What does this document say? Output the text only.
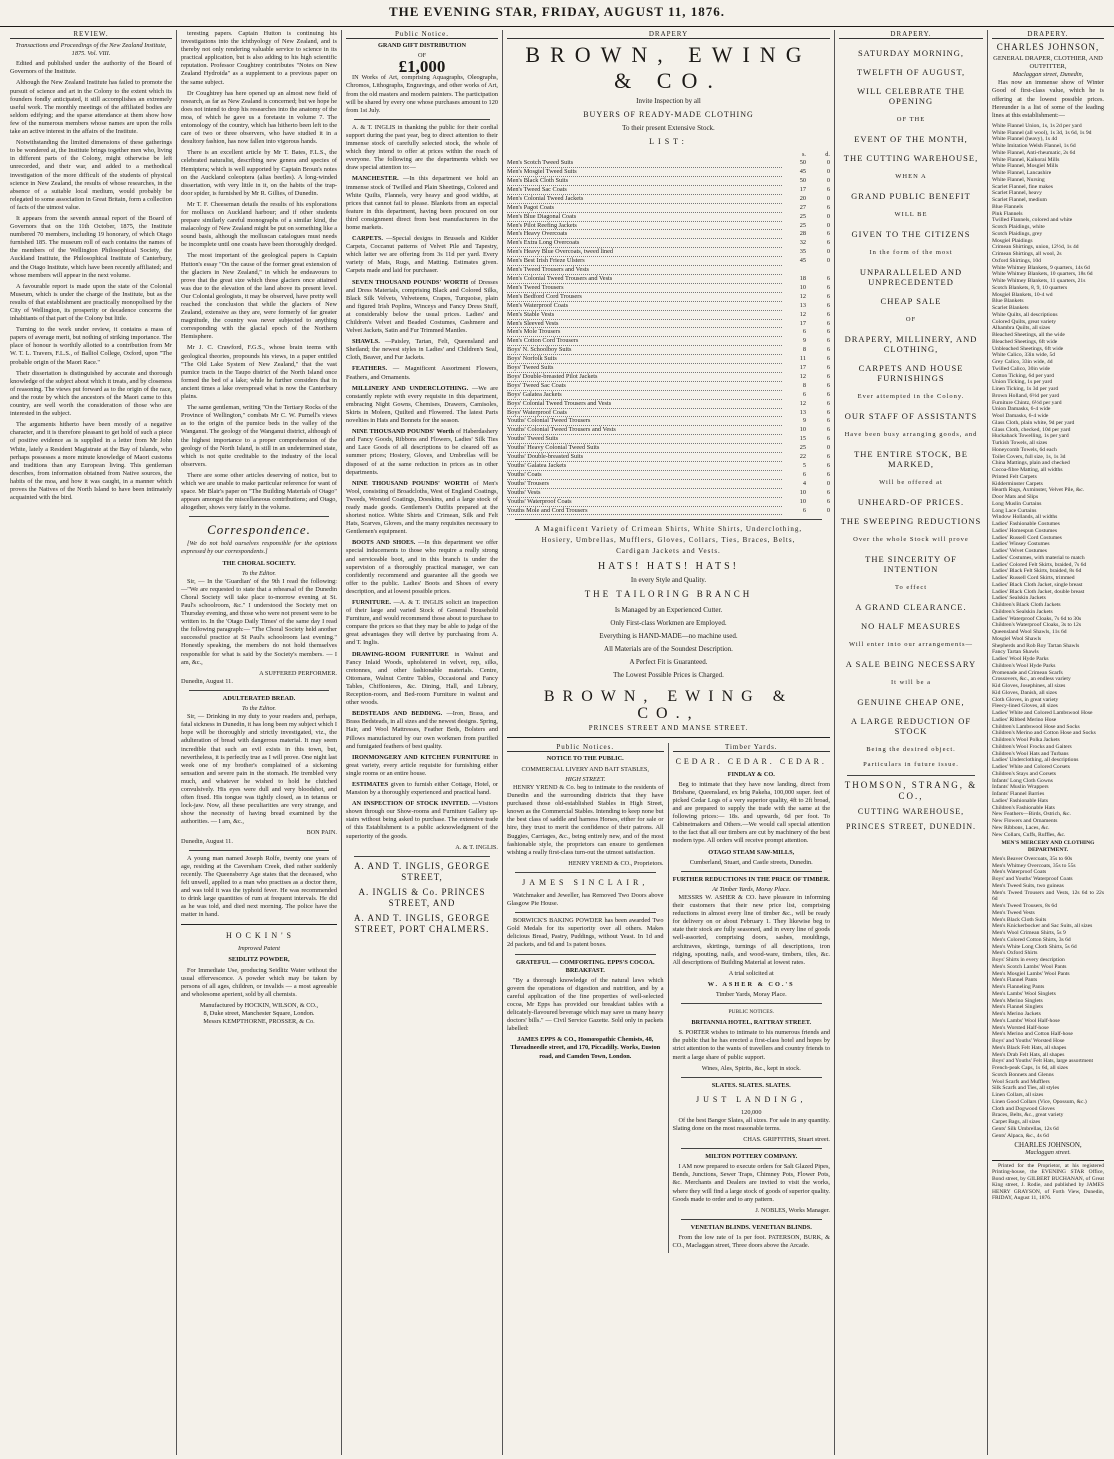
THE EVENING STAR, FRIDAY, AUGUST 11, 1876.
REVIEW.
Transactions and Proceedings of the New Zealand Institute, 1875. Vol. VIII.

Edited and published under the authority of the Board of Governors of the Institute.

Although the New Zealand Institute has failed to promote the pursuit of science and art in the Colony to the extent which its founders fondly anticipated, it still accomplishes an extremely useful work. The monthly meetings of the affiliated bodies are seldom edifying; and the sparse attendance at them show how few of the numerous members whose names are upon the rolls take an active interest in the affairs of the Institute.

Notwithstanding the limited dimensions of these gatherings to be wondered at, the Institute brings together men who, living in different parts of the Colony, might otherwise be left unrecorded, and their war, and added to a methodical investigation of the more difficult of the students of physical science in New Zealand, the results of whose researches, in the absence of a suitable local medium, would probably be relegated to some association in Great Britain, form a collection of facts of the utmost value.

It appears from the seventh annual report of the Board of Governors that on the 11th October, 1875, the Institute numbered 70 members, including 19 honorary, of which Otago furnished 185. The museum roll of each contains the names of the members of the Wellington Philosophical Society, the Auckland Institute, the Philosophical Institute of Canterbury, and the Otago Institute, which have been recently affiliated; and whose members will appear in the next volume.

A favourable report is made upon the state of the Colonial Museum, which is under the charge of the Institute, but as the results of that establishment are practically monopolised by the City of Wellington, its prosperity or decadence concerns the inhabitants of that part of the Colony but little.

Turning to the work under review, it contains a mass of papers of average merit, but nothing of striking importance. The place of honour is worthily allotted to a contribution from Mr W. T. L. Travers, F.L.S., of Balliol College, Oxford, upon "The probable origin of the Maori Race."

Their dissertation is distinguished by accurate and thorough knowledge of the subject about which it treats, and by closeness of reasoning. The views put forward as to the origin of the race, and the route by which the ancestors of the Maori came to this country, are well worth the consideration of those who are interested in the subject.

The arguments hitherto have been mostly of a negative character, and it is therefore pleasant to get hold of such a piece of positive evidence as is supplied in a letter from Mr John White, lately a Resident Magistrate at the Bay of Islands, who perhaps possesses a more minute knowledge of Maori customs and traditions than any European living. This gentleman describes, from information obtained from Native sources, the habits of the moa, and how it was caught, in a manner which proves the Natives of the North Island to have been intimately acquainted with the bird.

teresting papers. Captain Hutton is continuing his investigations into the ichthyology of New Zealand, and is thereby not only rendering valuable service to science in its practical application, but is also adding to his high scientific reputation. Professor Coughtrey contributes "Notes on New Zealand Hydroida" as a supplement to a previous paper on the same subject.

Dr Coughtrey has here opened up an almost new field of research, as far as New Zealand is concerned; but we hope he does not intend to drop his researches into the anatomy of the moa, of which he gave us a foretaste in volume 7. The entomology of the country, which has hitherto been left to the care of two or three observers, who have studied it in a desultory fashion, has now fallen into vigorous hands.

There is an excellent article by Mr T. Bates, F.L.S., the celebrated naturalist, describing new genera and species of Hemiptera; which is well supported by Captain Broun's notes on the Auckland coleoptera (alias beetles). A long-winded dissertation, with very little in it, on the habits of the trap-door spider, is furnished by Mr R. Gillies, of Dunedin.

Mr T. F. Cheeseman details the results of his explorations for molluscs on Auckland harbour; and if other students prepare similarly careful monographs of a similar kind, the malacology of New Zealand might be put on something like a sound basis, although the molluscan catalogues must needs be incomplete until one coasts have been thoroughly dredged.

The most important of the geological papers is Captain Hutton's essay "On the cause of the former great extension of the glaciers in New Zealand," in which he endeavours to prove that the great size which those glaciers once attained was due to the elevation of the land above its present level. Our Colonial geologists, it may be observed, have pretty well reached the conclusion that while the glaciers of New Zealand, extensive as they are, were formerly of far greater magnitude, the country was never subjected to anything corresponding with the glacial epoch of the Northern Hemisphere.

Mr J. C. Crawford, F.G.S., whose brain teems with geological theories, propounds his views, in a paper entitled "The Old Lake System of New Zealand," that the vast pumice tracts in the Taupo district of the North Island once formed the bed of a lake; while he further considers that in ancient times a lake overspread what is now the Canterbury plains.

The same gentleman, writing "On the Tertiary Rocks of the Province of Wellington," combats Mr C. W. Purnell's views as to the origin of the pumice beds in the valley of the Wanganui. The geology of the Wanganui district, although of the highest importance to a proper comprehension of the geology of the North Island, is still in an undetermined state, which is not quite creditable to the industry of the local observers.

There are some other articles deserving of notice, but to which we are unable to make particular reference for want of space. Mr Blair's paper on "The Building Materials of Otago" appears amongst the miscellaneous contributions; and Otago, altogether, shows very fairly in the volume.

Correspondence.

[We do not hold ourselves responsible for the opinions expressed by our correspondents.]

THE CHORAL SOCIETY.
To the Editor.

Sir, — In the 'Guardian' of the 9th I read the following:—"We are requested to state that a rehearsal of the Dunedin Choral Society will take place to-morrow evening at St. Paul's schoolroom, &c." I understood the Society met on Thursday evening, and those who were not present were to be written to. In the 'Otago Daily Times' of the same day I read the following paragraph:— "The Choral Society held another successful practice at St Paul's schoolroom last evening." Honestly speaking, the members do not hold themselves responsible for what is said by the Society's members. — I am, &c.,

A SUFFERED PERFORMER.
Dunedin, August 11.
ADULTERATED BREAD.
To the Editor.

Sir, — Drinking in my duty to your readers and, perhaps, fatal sickness in Dunedin, it has long been my subject which I hope will be thoroughly and strictly investigated, viz., the adulteration of bread with dangerous material. It may seem incredible that such an evil exists in this town, but, nevertheless, it is perfectly true as I will prove. One night last week one of my brother's complained of a sickening sensation and severe pain in the stomach. He trembled very much, and whatever he wished to hold he clutched convulsively. His eyes were dull and very bloodshot, and often fixed. His tongue was tightly closed, as in tetanus or lock-jaw. Now, all these peculiarities are very strange, and show the necessity of having bread examined by the authorities. — I am, &c.,

BON PAIN.
Dunedin, August 11.

A young man named Joseph Rolfe, twenty one years of age, residing at the Caversham Creek, died rather suddenly recently. The Queensberry Age states that the deceased, who felt unwell, applied to a man who practises as a doctor there, and was told it was the typhoid fever. He was recommended to drink large quantities of rum at frequent intervals. He did as he was told, and died next morning. The police have the matter in hand.

H O C K I N ' S
Improved Patent
SEIDLITZ POWDER,

For Immediate Use, producing Seidlitz Water without the usual effervescence. A powder which may be taken by persons of all ages, children, or invalids — a most agreeable and wholesome aperient, sold by all chemists.

Manufactured by HOCKIN, WILSON, & CO.,
8, Duke street, Manchester Square, London.
Messrs KEMPTHORNE, PROSSER, & Co.
Public Notice.
GRAND GIFT DISTRIBUTION
OF
£1,000

IN Works of Art, comprising Aquagraphs, Oleographs, Chromos, Lithographs, Engravings, and other works of Art, from the old masters and modern painters. The participation will be shared by every one whose purchases amount to 120 from 1st July.

A. & T. INGLIS in thanking the public for their cordial support during the past year, beg to direct attention to their immense stock of carefully selected stock, the whole of which they intend to offer at prices within the reach of everyone. The following are the departments which we draw special attention to:—

MANCHESTER. —In this department we hold an immense stock of Twilled and Plain Sheetings, Colored and White Quilts, Flannels, very heavy and good widths, at prices that cannot fail to please. Blankets from an especial feature in this department, having been procured on our third consignment direct from best manufacturers in the home markets.

CARPETS. —Special designs in Brussels and Kidder Carpets, Coccanut patterns of Velvet Pile and Tapestry, which latter we are offering from 3s 11d per yard. Every variety of Mats, Rugs, and Matting. Estimates given. Carpets made and laid for purchaser.

SEVEN THOUSAND POUNDS' WORTH of Dresses and Dress Materials, comprising Black and Colored Silks, Black Silk Velvets, Velveteens, Crapes, Turquoise, plain and figured Irish Poplins, Winceys and Fancy Dress Stuff, at considerably below the usual prices. Ladies' and Children's Velvet and Beaded Costumes, Cashmere and Velvet Jackets, Satin and Fur Trimmed Mantles.

SHAWLS. —Paisley, Tartan, Felt, Queensland and Shetland; the newest styles in Ladies' and Children's Seal, Cloth, Beaver, and Fur Jackets.

FEATHERS. — Magnificent Assortment Flowers, Feathers, and Ornaments.

MILLINERY AND UNDERCLOTHING. —We are constantly replete with every requisite in this department, embracing Night Gowns, Chemises, Drawers, Camisoles, Skirts in Moleen, Quilted and Flowered. The latest Paris novelties in Hats and Bonnets for the season.

NINE THOUSAND POUNDS' Worth of Haberdashery and Fancy Goods, Ribbons and Flowers, Ladies' Silk Ties and Lace Goods of all descriptions to be cleared off as summer prices; Hosiery, Gloves, and Umbrellas will be disposed of at the same reduction in prices as in other departments.

NINE THOUSAND POUNDS' WORTH of Men's Wool, consisting of Broadcloths, West of England Coatings, Tweeds, Worsted Coatings, Doeskins, and a large stock of ready made goods. Gentlemen's Outfits prepared at the shortest notice. White Shirts and Crimean, Silk and Felt Hats, Scarves, Gloves, and the many requisites necessary to Gentlemen's equipment.

BOOTS AND SHOES. —In this department we offer special inducements to those who require a really strong and serviceable boot, and in this branch is under the supervision of a thoroughly practical manager, we can confidently recommend and guarantee all the goods we offer to the public. Ladies' Boots and Shoes of every description, and at lowest possible prices.

FURNITURE. —A. & T. INGLIS solicit an inspection of their large and varied Stock of General Household Furniture, and would recommend those about to purchase to compare the prices so that they may be able to judge of the great advantages they will derive by purchasing from A. and T. Inglis.

DRAWING-ROOM FURNITURE in Walnut and Fancy Inlaid Woods, upholstered in velvet, rep, silks, cretonnes, and other fashionable materials. Centre, Ottomans, Walnut Centre Tables, Occasional and Fancy Tables, Chiffonieres, &c. Dining, Hall, and Library, Reception-room, and Bed-room Furniture in walnut and other woods.

BEDSTEADS AND BEDDING. —Iron, Brass, and Brass Bedsteads, in all sizes and the newest designs. Spring, Hair, and Wool Mattresses, Feather Beds, Bolsters and Pillows manufactured by our own workmen from purified and fumigated feathers of best quality.

IRONMONGERY AND KITCHEN FURNITURE in great variety, every article requisite for furnishing either single rooms or an entire house.

ESTIMATES given to furnish either Cottage, Hotel, or Mansion by a thoroughly experienced and practical hand.

AN INSPECTION OF STOCK INVITED. —Visitors shown through our Show-rooms and Furniture Gallery up-stairs without being asked to purchase. The extensive trade of this Establishment is a public acknowledgment of the superiority of the goods.

A. & T. INGLIS.
A. AND T. INGLIS, GEORGE STREET,
A. INGLIS & Co. PRINCES STREET, AND
A. AND T. INGLIS, GEORGE STREET, PORT CHALMERS.
DRAPERY
BROWN, EWING & CO.
Invite Inspection by all
BUYERS OF READY-MADE CLOTHING
To their present Extensive Stock.
LIST:
		s.	d.
Men's Scotch Tweed Suits		50	0
Men's Mosgiel Tweed Suits		45	0
Men's Black Cloth Suits		50	0
Men's Tweed Sac Coats		17	6
Men's Colonial Tweed Jackets		20	0
Men's Pagot Coats		27	6
Men's Blue Diagonal Coats		25	0
Men's Pilot Reefing Jackets		25	0
Men's Heavy Overcoats		28	6
Men's Extra Long Overcoats		32	6
Men's Heavy Blue Overcoats, tweed lined		35	0
Men's Best Irish Frieze Ulsters		45	0
Men's Tweed Trousers and Vests			
Men's Colonial Tweed Trousers and Vests		18	6
Men's Tweed Trousers		10	6
Men's Bedford Cord Trousers		12	6
Men's Waterproof Coats		13	6
Men's Stable Vests		12	6
Men's Sleeved Vests		17	6
Men's Mole Trousers		6	6
Men's Cotton Cord Trousers		9	6
Boys' N. Schoolboy Suits		8	6
Boys' Norfolk Suits		11	6
Boys' Tweed Suits		17	6
Boys' Double-breasted Pilot Jackets		12	6
Boys' Tweed Sac Coats		8	6
Boys' Galatea Jackets		6	6
Boys' Colonial Tweed Trousers and Vests		12	6
Boys' Waterproof Coats		13	6
Youths' Colonial Tweed Trousers		9	6
Youths' Colonial Tweed Trousers and Vests		10	6
Youths' Tweed Suits		15	6
Youths' Heavy Colonial Tweed Suits		25	0
Youths' Double-breasted Suits		22	6
Youths' Galatea Jackets		5	6
Youths' Coats		6	6
Youths' Trousers		4	0
Youths' Vests		10	6
Youths' Waterproof Coats		10	6
Youths Mole and Cord Trousers		6	0
A Magnificent Variety of Crimean Shirts, White Shirts, Underclothing, Hosiery, Umbrellas, Mufflers, Gloves, Collars, Ties, Braces, Belts, Cardigan Jackets and Vests.
HATS! HATS! HATS!
In every Style and Quality.
THE TAILORING BRANCH
Is Managed by an Experienced Cutter.
Only First-class Workmen are Employed.
Everything is HAND-MADE—no machine used.
All Materials are of the Soundest Description.
A Perfect Fit is Guaranteed.
The Lowest Possible Prices is Charged.
BROWN, EWING & CO.,
PRINCES STREET AND MANSE STREET.
Public Notices.
NOTICE TO THE PUBLIC.
COMMERCIAL LIVERY AND BAIT STABLES,
HIGH STREET.

HENRY YREND & Co. beg to intimate to the residents of Dunedin and the surrounding districts that they have purchased those old-established Stables in High Street, known as the Commercial Stables. Intending to keep none but the best class of saddle and harness Horses, either for sale or hire, they trust to merit the confidence of their patrons. All Buggies, Carriages, &c., being entirely new, and of the most fashionable style, the proprietors can ensure to gentlemen wishing a really first-class turn-out the utmost satisfaction.

HENRY YREND & CO., Proprietors.
JAMES SINCLAIR,

Watchmaker and Jeweller, has Removed Two Doors above Glasgow Pie House.

BORWICK'S BAKING POWDER has been awarded Two Gold Medals for its superiority over all others. Makes delicious Bread, Pastry, Puddings, without Yeast. In 1d and 2d packets, and 6d and 1s patent boxes.

GRATEFUL — COMFORTING. EPPS'S COCOA. BREAKFAST.

"By a thorough knowledge of the natural laws which govern the operations of digestion and nutrition, and by a careful application of the fine properties of well-selected cocoa, Mr Epps has provided our breakfast tables with a delicately-flavoured beverage which may save us many heavy doctors' bills." — Civil Service Gazette. Sold only in packets labelled:

JAMES EPPS & CO., Homœopathic Chemists, 48, Threadneedle street, and 170, Piccadilly. Works, Euston road, and Camden Town, London.
Timber Yards.
CEDAR. CEDAR. CEDAR.
FINDLAY & CO.

Beg to intimate that they have now landing, direct from Brisbane, Queensland, ex brig Pakeha, 100,000 super. feet of picked Cedar Logs of a very superior quality, 4ft to 2ft broad, and are prepared to supply the trade with the same at the following prices:— 18s. and upwards, 6d per foot. To Cabinetmakers and Others.—We would call special attention to the fact that all our timbers are cut by machinery of the best modern type. All orders will receive prompt attention.

OTAGO STEAM SAW-MILLS,
Cumberland, Stuart, and Castle streets, Dunedin.
FURTHER REDUCTIONS IN THE PRICE OF TIMBER.
At Timber Yards, Moray Place.

MESSRS W. ASHER & CO. have pleasure in informing their customers that their new price list, comprising reductions in almost every line of timber &c., will be ready for delivery on or about February 1. They likewise beg to state their stock are fully seasoned, and in every line of goods well-assorted, comprising doors, sashes, mouldings, architraves, skirtings, turnings of all descriptions, iron ridging, spouting, nails, and wood-ware, timbers, tiles, &c. All descriptions of Building Material at lowest rates.

A trial solicited at
W. ASHER & CO.'S
Timber Yards, Moray Place.
PUBLIC NOTICES.
BRITANNIA HOTEL, RATTRAY STREET.

S. PORTER wishes to intimate to his numerous friends and the public that he has erected a first-class hotel and hopes by strict attention to the wants of travellers and country friends to merit a large share of public support.

Wines, Ales, Spirits, &c., kept in stock.
SLATES. SLATES. SLATES.
JUST LANDING,
120,000

Of the best Bangor Slates, all sizes. For sale in any quantity. Slating done on the most reasonable terms.

CHAS. GRIFFITHS, Stuart street.
MILTON POTTERY COMPANY.

I AM now prepared to execute orders for Salt Glazed Pipes, Bends, Junctions, Sewer Traps, Chimney Pots, Flower Pots, &c. Merchants and Dealers are invited to visit the works, where they will find a large stock of goods of superior quality. Goods made to order and to any pattern.

J. NOBLES, Works Manager.
VENETIAN BLINDS. VENETIAN BLINDS.

From the low rate of 1s per foot. PATERSON, BURK, & CO., Maclaggan street, Three doors above the Arcade.

DRAPERY.
SATURDAY MORNING,
TWELFTH OF AUGUST,
WILL CELEBRATE THE OPENING
OF THE
EVENT OF THE MONTH,
THE CUTTING WAREHOUSE,
WHEN A
GRAND PUBLIC BENEFIT
WILL BE
GIVEN TO THE CITIZENS
In the form of the most
UNPARALLELED AND UNPRECEDENTED
CHEAP SALE
OF
DRAPERY, MILLINERY, AND CLOTHING,
CARPETS AND HOUSE FURNISHINGS
Ever attempted in the Colony.
OUR STAFF OF ASSISTANTS
Have been busy arranging goods, and
THE ENTIRE STOCK, BE MARKED,
Will be offered at
UNHEARD-OF PRICES.
THE SWEEPING REDUCTIONS
Over the whole Stock will prove
THE SINCERITY OF INTENTION
To effect
A GRAND CLEARANCE.
NO HALF MEASURES
Will enter into our arrangements—
A SALE BEING NECESSARY
It will be a
GENUINE CHEAP ONE,
A LARGE REDUCTION OF STOCK
Being the desired object.
Particulars in future issue.
THOMSON, STRANG, & CO.,
CUTTING WAREHOUSE,
PRINCES STREET, DUNEDIN.
DRAPERY.
CHARLES JOHNSON,
GENERAL DRAPER, CLOTHIER, AND OUTFITTER,
Maclaggan street, Dunedin,

Has now an immense show of Winter Good of first-class value, which he is offering at the lowest possible prices. Hereunder is a list of some of the leading lines at this establishment:—

White Flannel Union, 1s, 1s 2d per yard
White Flannel (all wool), 1s 3d, 1s 6d, 1s 9d
White Flannel (heavy), 1s 4d
White Imitation Welsh Flannel, 1s 6d
White Flannel, Anti-rheumatic, 2s 6d
White Flannel, Kaikorai Mills
White Flannel, Mosgiel Mills
White Flannel, Lancashire
White Flannel, Nursing
Scarlet Flannel, fine makes
Scarlet Flannel, heavy
Scarlet Flannel, medium
Blue Flannels
Pink Flannels
Twilled Flannels, colored and white
Scotch Plaidings, white
Scotch Plaidings, grey
Mosgiel Plaidings
Crimean Shirtings, union, 12½d, 1s 4d
Crimean Shirtings, all wool, 2s
Oxford Shirtings, 10d
White Whitney Blankets, 9 quarters, 14s 6d
White Whitney Blankets, 10 quarters, 18s 6d
White Whitney Blankets, 11 quarters, 21s
Scotch Blankets, 8, 9, 10 quarters
Mosgiel Blankets, 10-4 wd
Blue Blankets
Scarlet Blankets
White Quilts, all descriptions
Colored Quilts, great variety
Alhambra Quilts, all sizes
Bleached Sheetings, all the wide
Bleached Sheetings, 6ft wide
Unbleached Sheetings, 6ft wide
White Calico, 33in wide, 5d
Grey Calico, 33in wide, 4d
Twilled Calico, 30in wide
Cotton Ticking, 6d per yard
Union Ticking, 1s per yard
Linen Ticking, 1s 3d per yard
Brown Holland, 6½d per yard
Furniture Chintz, 6½d per yard
Union Damasks, 6-4 wide
Wool Damasks, 6-4 wide
Glass Cloth, plain white, 9d per yard
Glass Cloth, checked, 10d per yard
Huckaback Towelling, 1s per yard
Turkish Towels, all sizes
Honeycomb Towels, 6d each
Toilet Covers, full size, 1s, 1s 3d
China Mattings, plain and checked
Cocoa-fibre Matting, all widths
Printed Felt Carpets
Kidderminster Carpets
Hearth Rugs, Axminster, Velvet Pile, &c.
Door Mats and Slips
Long Muslin Curtains
Long Lace Curtains
Window Hollands, all widths
Ladies' Fashionable Costumes
Ladies' Homespun Costumes
Ladies' Russell Cord Costumes
Ladies' Winsey Costumes
Ladies' Velvet Costumes
Ladies' Costumes, with material to match
Ladies' Colored Felt Skirts, braided, 7s 6d
Ladies' Black Felt Skirts, braided, 8s 6d
Ladies' Russell Cord Skirts, trimmed
Ladies' Black Cloth Jacket, single breast
Ladies' Black Cloth Jacket, double breast
Ladies' Sealskin Jackets
Children's Black Cloth Jackets
Children's Sealskin Jackets
Ladies' Waterproof Cloaks, 7s 6d to 30s
Children's Waterproof Cloaks, 3s to 12s
Queensland Wool Shawls, 11s 6d
Mosgiel Wool Shawls
Shepherds and Rob Roy Tartan Shawls
Fancy Tartan Shawls
Ladies' Wool Hyde Parks
Children's Wool Hyde Parks
Promenade and Crimean Scarfs
Crossovers, &c., an endless variety
Kid Gloves, Josephines, all sizes
Kid Gloves, Danish, all sizes
Cloth Gloves, in great variety
Fleecy-lined Gloves, all sizes
Ladies' White and Colored Lambswool Hose
Ladies' Ribbed Merino Hose
Children's Lambswool Hose and Socks
Children's Merino and Cotton Hose and Socks
Children's Wool Polka Jackets
Children's Wool Frocks and Gaiters
Children's Wool Hats and Turbans
Ladies' Underclothing, all descriptions
Ladies' White and Colored Corsets
Children's Stays and Corsets
Infants' Long Cloth Gowns
Infants' Muslin Wrappers
Infants' Flannel Barries
Ladies' Fashionable Hats
Children's Fashionable Hats
New Feathers—Birds, Ostrich, &c.
New Flowers and Ornaments
New Ribbons, Laces, &c.
New Collars, Cuffs, Ruffles, &c.
MEN'S MERCERY AND CLOTHING DEPARTMENT.
Men's Beaver Overcoats, 35s to 60s
Men's Whitney Overcoats, 35s to 55s
Men's Waterproof Coats
Boys' and Youths' Waterproof Coats
Men's Tweed Suits, two guineas
Men's Tweed Trousers and Vests, 12s 6d to 22s 6d
Men's Tweed Trousers, 8s 6d
Men's Tweed Vests
Men's Black Cloth Suits
Men's Knickerbocker and Sac Suits, all sizes
Men's Wool Crimean Shirts, 5s 9
Men's Colored Cotton Shirts, 3s 6d
Men's White Long Cloth Shirts, 5s 6d
Men's Oxford Shirts
Boys' Shirts in every description
Men's Scotch Lambs' Wool Pants
Men's Mosgiel Lambs' Wool Pants
Men's Flannel Pants
Men's Flanneling Pants
Men's Lambs' Wool Singlets
Men's Merino Singlets
Men's Flannel Singlets
Men's Merino Jackets
Men's Lambs' Wool Half-hose
Men's Worsted Half-hose
Men's Merino and Cotton Half-hose
Boys' and Youths' Worsted Hose
Men's Black Felt Hats, all shapes
Men's Drab Felt Hats, all shapes
Boys' and Youths' Felt Hats, large assortment
French-peak Caps, 1s 6d, all sizes
Scotch Bonnets and Glenns
Wool Scarfs and Mufflers
Silk Scarfs and Ties, all styles
Linen Collars, all sizes
Linen Good Collars (Vice, Opossum, &c.)
Cloth and Dogwood Gloves
Braces, Belts, &c., great variety
Carpet Bags, all sizes
Gents' Silk Umbrellas, 12s 6d
Gents' Alpaca, &c., 4s 6d
CHARLES JOHNSON,
Maclaggan street.

Printed for the Proprietor, at his registered Printing-house, the EVENING STAR Office, Bond street, by GILBERT BUCHANAN, of Great King street, J. Rodie, and published by JAMES HENRY GRAYSON, of Forth View, Dunedin, FRIDAY, August 11, 1876.
